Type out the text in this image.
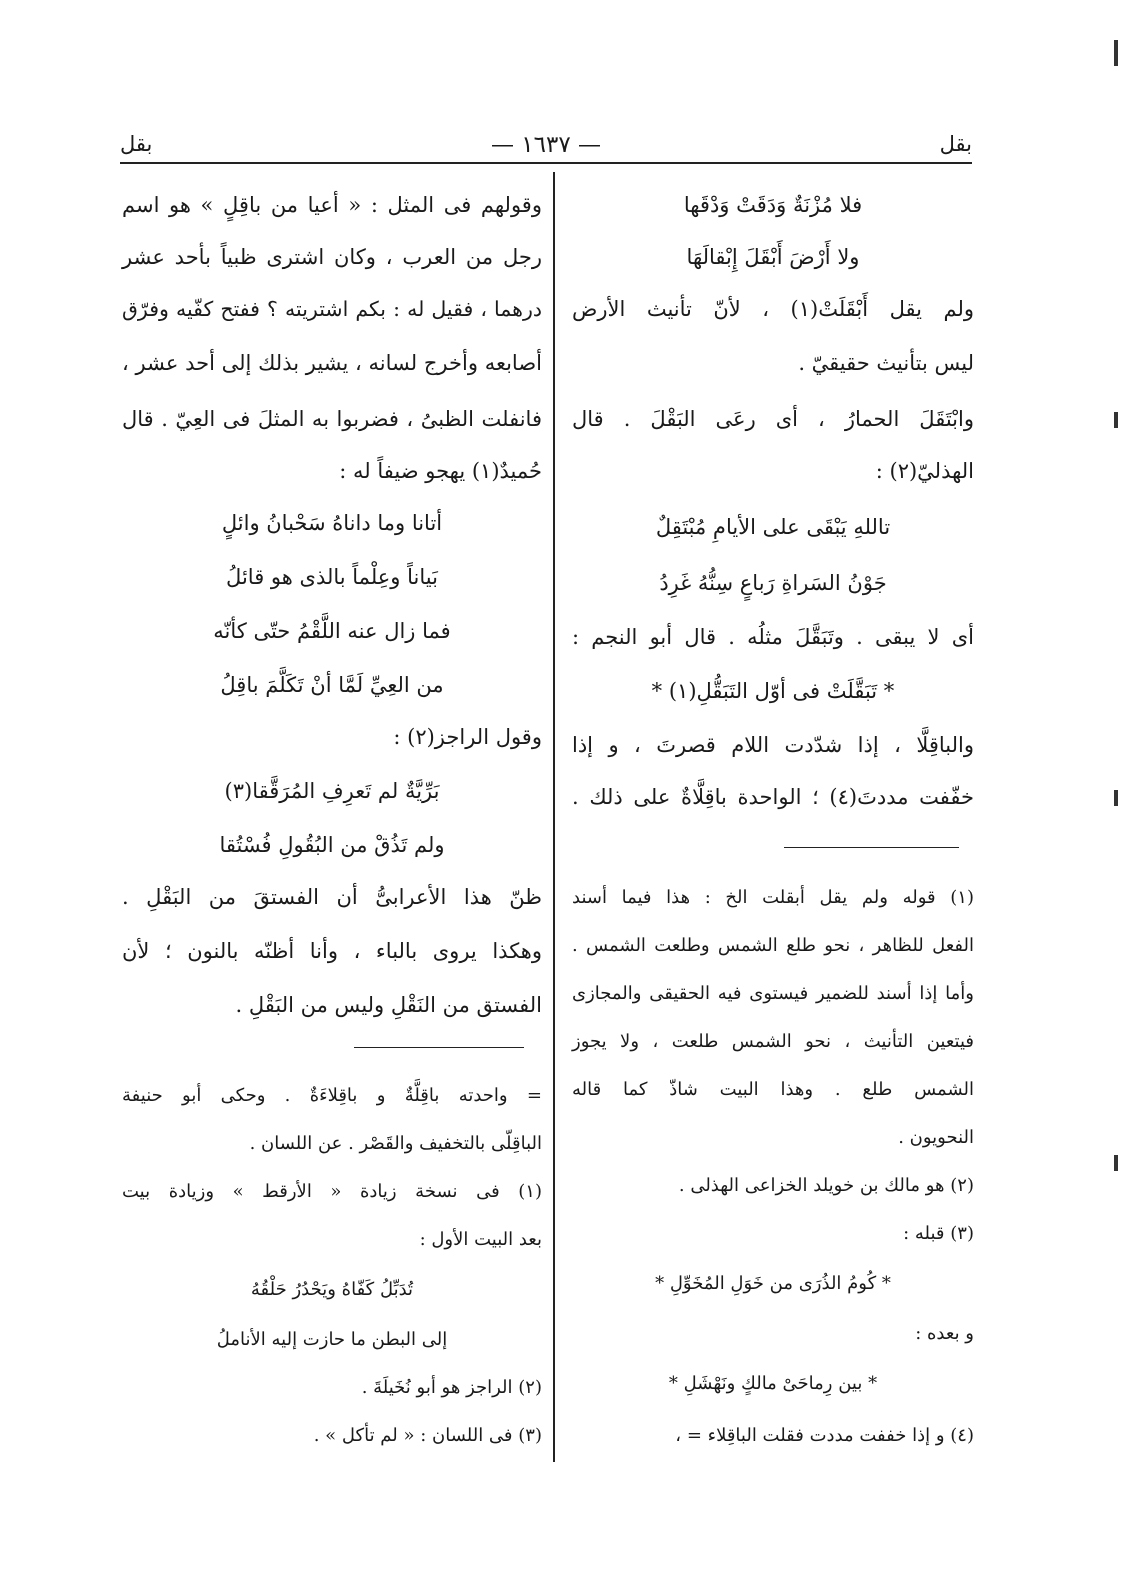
بقل
— ١٦٣٧ —
بقل
فلا مُزْنَةٌ وَدَقَتْ وَدْقَها
ولا أَرْضَ أَبْقَلَ إِبْقالَهَا
ولم يقل أَبْقَلَتْ(١) ، لأنّ تأنيث الأرض
ليس بتأنيث حقيقيّ .
وابْتَقَلَ الحمارُ ، أى رعَى البَقْلَ . قال
الهذليّ(٢) :
تاللهِ يَبْقَى على الأيامِ مُبْتَقِلٌ
جَوْنُ السَراةِ رَباعٍ سِنُّهُ غَرِدُ
أى لا يبقى . وتَبَقَّلَ مثلُه . قال أبو النجم :
* تَبَقَّلَتْ فى أوّل التَبَقُّلِ(١) *
والباقِلَّا ، إذا شدّدت اللام قصرتَ ، و إذا
خفّفت مددتَ(٤) ؛ الواحدة باقِلَّاةٌ على ذلك .
(١) قوله ولم يقل أبقلت الخ : هذا فيما أسند
الفعل للظاهر ، نحو طلع الشمس وطلعت الشمس .
وأما إذا أسند للضمير فيستوى فيه الحقيقى والمجازى
فيتعين التأنيث ، نحو الشمس طلعت ، ولا يجوز
الشمس طلع . وهذا البيت شاذّ كما قاله
النحويون .
(٢) هو مالك بن خويلد الخزاعى الهذلى .
(٣) قبله :
* كُومُ الذُرَى من خَوَلِ المُخَوِّلِ *
و بعده :
* بين رِماحَىْ مالكٍ ونَهْشَلِ *
(٤) و إذا خففت مددت فقلت الباقِلاء = ،
وقولهم فى المثل : « أعيا من باقِلٍ » هو اسم
رجل من العرب ، وكان اشترى ظبياً بأحد عشر
درهما ، فقيل له : بكم اشتريته ؟ ففتح كفّيه وفرّق
أصابعه وأخرج لسانه ، يشير بذلك إلى أحد عشر ،
فانفلت الظبىُ ، فضربوا به المثلَ فى العِيّ . قال
حُميدٌ(١) يهجو ضيفاً له :
أتانا وما داناهُ سَحْبانُ وائلٍ
بَياناً وعِلْماً بالذى هو قائلُ
فما زال عنه اللَّقْمُ حتّى كأنّه
من العِيِّ لَمَّا أنْ تَكَلَّمَ باقِلُ
وقول الراجز(٢) :
بَرِّيَّةٌ لم تَعرِفِ المُرَقَّقا(٣)
ولم تَذُقْ من البُقُولِ فُسْتُقا
ظنّ هذا الأعرابىُّ أن الفستقَ من البَقْلِ .
وهكذا يروى بالباء ، وأنا أظنّه بالنون ؛ لأن
الفستق من النَقْلِ وليس من البَقْلِ .
= واحدته باقِلَّةٌ و باقِلاءَةٌ . وحكى أبو حنيفة
الباقِلّى بالتخفيف والقَصْر . عن اللسان .
(١) فى نسخة زيادة « الأرقط » وزيادة بيت
بعد البيت الأول :
تُدَبِّلُ كَفّاهُ ويَحْدُرُ حَلْقُهُ
إلى البطن ما حازت إليه الأناملُ
(٢) الراجز هو أبو نُخَيلَةَ .
(٣) فى اللسان : « لم تأكل » .
